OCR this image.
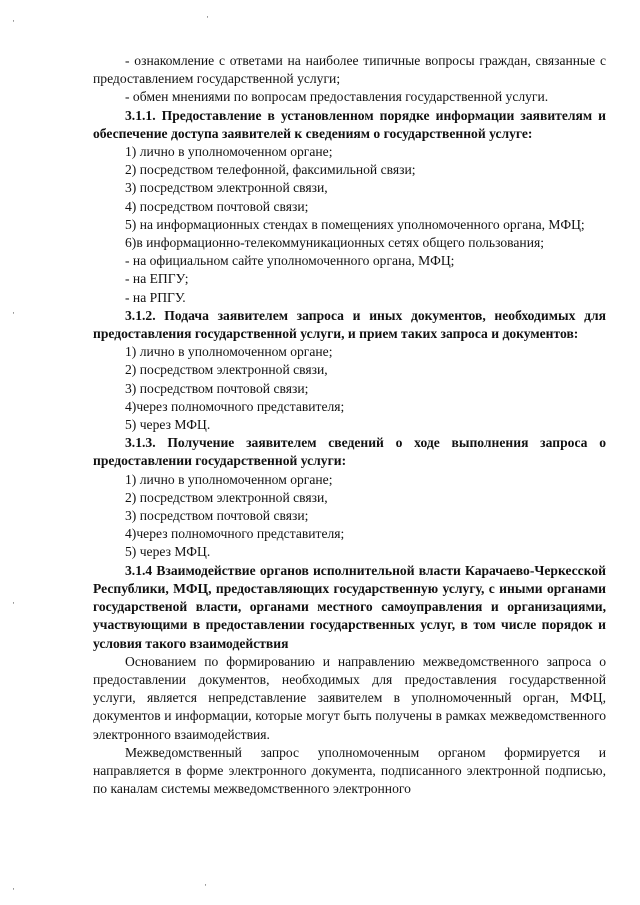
- ознакомление с ответами на наиболее типичные вопросы граждан, связанные с предоставлением государственной услуги;

- обмен мнениями по вопросам предоставления государственной услуги.

3.1.1. Предоставление в установленном порядке информации заявителям и обеспечение доступа заявителей к сведениям о государственной услуге:

1) лично в уполномоченном органе;

2) посредством телефонной, факсимильной связи;

3) посредством электронной связи,

4) посредством почтовой связи;

5) на информационных стендах в помещениях уполномоченного органа, МФЦ;

6)в информационно-телекоммуникационных сетях общего пользования;

- на официальном сайте уполномоченного органа, МФЦ;

- на ЕПГУ;

- на РПГУ.

3.1.2. Подача заявителем запроса и иных документов, необходимых для предоставления государственной услуги, и прием таких запроса и документов:

1) лично в уполномоченном органе;

2) посредством электронной связи,

3) посредством почтовой связи;

4)через полномочного представителя;

5) через МФЦ.

3.1.3. Получение заявителем сведений о ходе выполнения запроса о предоставлении государственной услуги:

1) лично в уполномоченном органе;

2) посредством электронной связи,

3) посредством почтовой связи;

4)через полномочного представителя;

5) через МФЦ.

3.1.4 Взаимодействие органов исполнительной власти Карачаево-Черкесской Республики, МФЦ, предоставляющих государственную услугу, с иными органами государственой власти, органами местного самоуправления и организациями, участвующими в предоставлении государственных услуг, в том числе порядок и условия такого взаимодействия

Основанием по формированию и направлению межведомственного запроса о предоставлении документов, необходимых для предоставления государственной услуги, является непредставление заявителем в уполномоченный орган, МФЦ, документов и информации, которые могут быть получены в рамках межведомственного электронного взаимодействия.

Межведомственный запрос уполномоченным органом формируется и направляется в форме электронного документа, подписанного электронной подписью, по каналам системы межведомственного электронного

·
·
·
·
·
·
